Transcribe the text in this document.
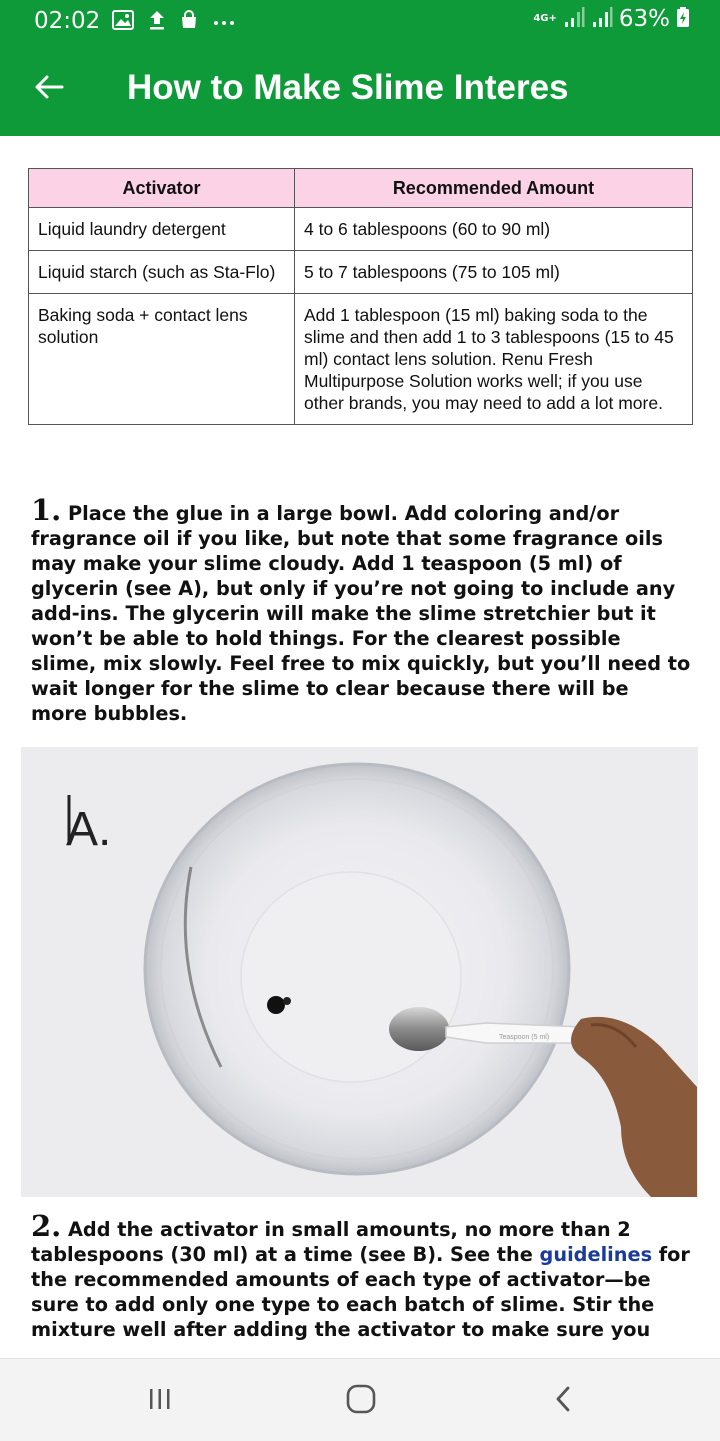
02:02	4G+	63%
How to Make Slime Interes
Activator	Recommended Amount
Liquid laundry detergent	4 to 6 tablespoons (60 to 90 ml)
Liquid starch (such as Sta-Flo)	5 to 7 tablespoons (75 to 105 ml)
Baking soda + contact lens solution	Add 1 tablespoon (15 ml) baking soda to the slime and then add 1 to 3 tablespoons (15 to 45 ml) contact lens solution. Renu Fresh Multipurpose Solution works well; if you use other brands, you may need to add a lot more.
1. Place the glue in a large bowl. Add coloring and/or fragrance oil if you like, but note that some fragrance oils may make your slime cloudy. Add 1 teaspoon (5 ml) of glycerin (see A), but only if you’re not going to include any add-ins. The glycerin will make the slime stretchier but it won’t be able to hold things. For the clearest possible slime, mix slowly. Feel free to mix quickly, but you’ll need to wait longer for the slime to clear because there will be more bubbles.
A.
Teaspoon (5 ml)
2. Add the activator in small amounts, no more than 2 tablespoons (30 ml) at a time (see B). See the guidelines for the recommended amounts of each type of activator—be sure to add only one type to each batch of slime. Stir the mixture well after adding the activator to make sure you
